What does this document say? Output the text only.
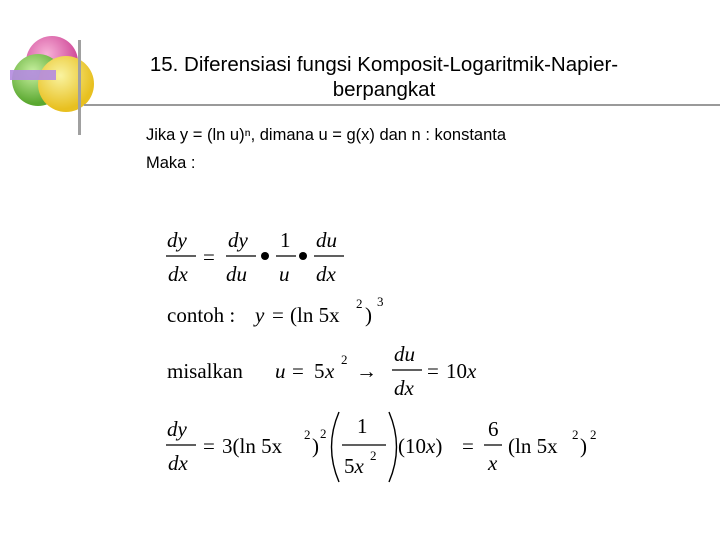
15. Diferensiasi fungsi Komposit-Logaritmik-Napier-
berpangkat
Jika y = (ln u)ⁿ, dimana u = g(x) dan n : konstanta
Maka :
dy
dx
=
dy
du
1
u
du
dx
contoh : y = (ln 5x 2 )
3
misalkan u = 5 x 2 →
du
dx
= 10x
dy
dx
= 3(ln 5x 2 )
2 1
5x 2 (10x) =
6
x
(ln 5x 2 ) 2
